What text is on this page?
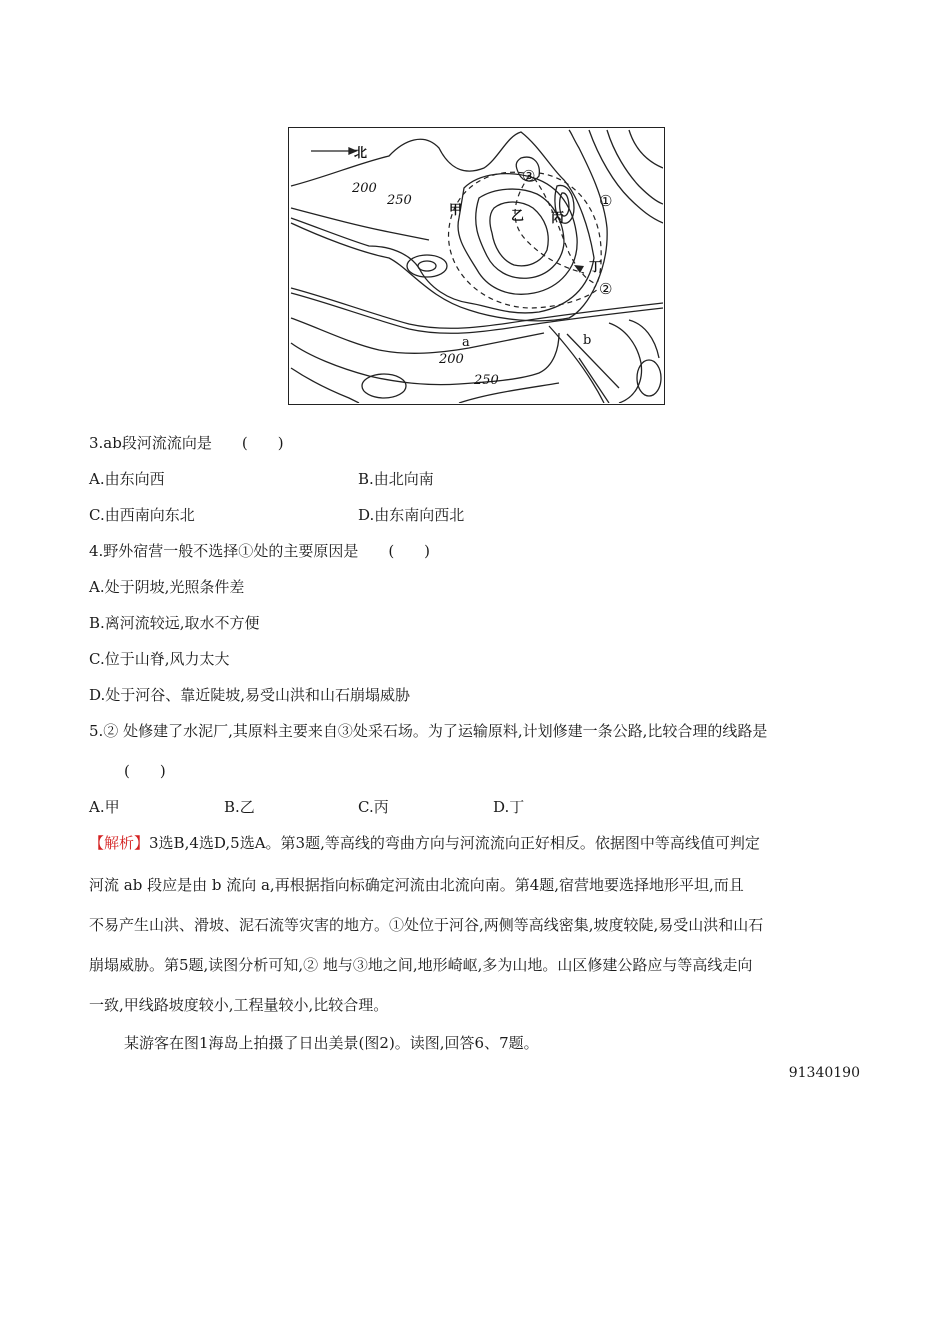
北
200
250
200
250
甲	乙 丙
丁
①
②
③
a	b
3.ab段河流流向是　　(　　)
A.由东向西	B.由北向南
C.由西南向东北	D.由东南向西北
4.野外宿营一般不选择①处的主要原因是　　(　　)
A.处于阴坡,光照条件差
B.离河流较远,取水不方便
C.位于山脊,风力太大
D.处于河谷、靠近陡坡,易受山洪和山石崩塌威胁
5.② 处修建了水泥厂,其原料主要来自③处采石场。为了运输原料,计划修建一条公路,比较合理的线路是
(　　)
A.甲	B.乙	C.丙	D.丁
【解析】3选B,4选D,5选A。第3题,等高线的弯曲方向与河流流向正好相反。依据图中等高线值可判定
河流 ab 段应是由 b 流向 a,再根据指向标确定河流由北流向南。第4题,宿营地要选择地形平坦,而且
不易产生山洪、滑坡、泥石流等灾害的地方。①处位于河谷,两侧等高线密集,坡度较陡,易受山洪和山石
崩塌威胁。第5题,读图分析可知,② 地与③地之间,地形崎岖,多为山地。山区修建公路应与等高线走向
一致,甲线路坡度较小,工程量较小,比较合理。
某游客在图1海岛上拍摄了日出美景(图2)。读图,回答6、7题。
91340190
